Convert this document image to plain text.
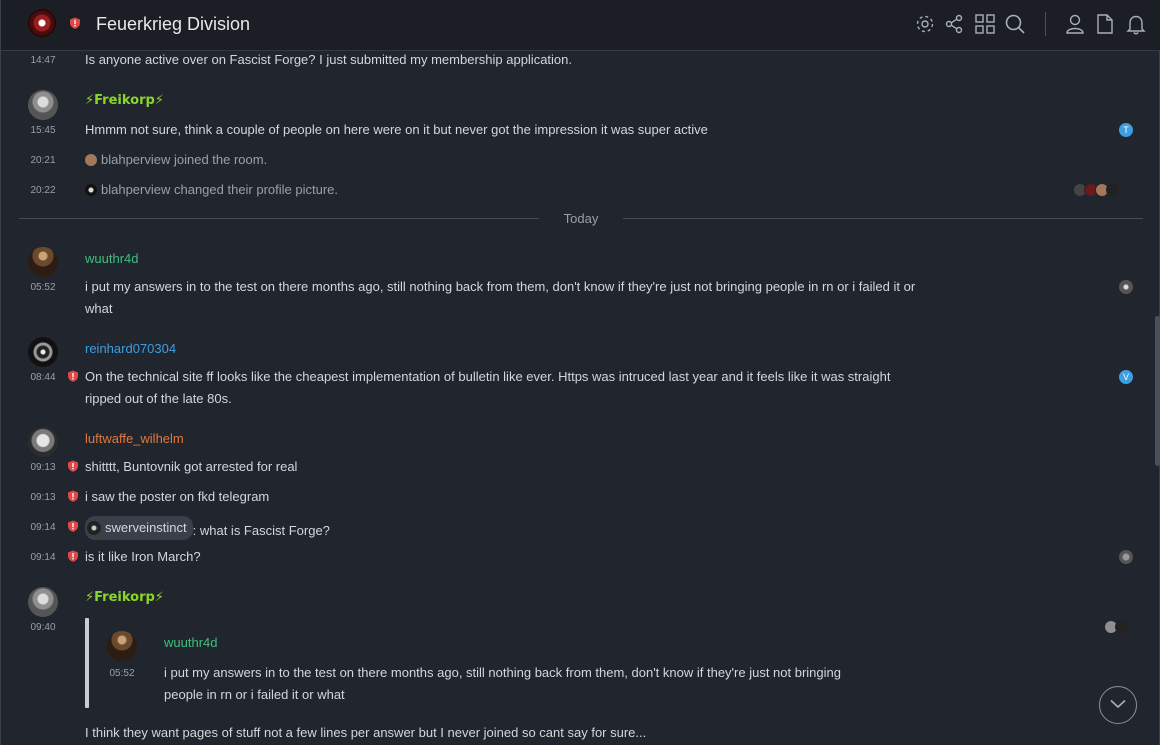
Feuerkrieg Division
14:47	Is anyone active over on Fascist Forge? I just submitted my membership application.
⚡Freikorp⚡
15:45	Hmmm not sure, think a couple of people on here were on it but never got the impression it was super active	T
20:21	blahperview joined the room.
20:22	blahperview changed their profile picture.
Today
wuuthr4d
05:52	i put my answers in to the test on there months ago, still nothing back from them, don't know if they're just not bringing people in rn or i failed it or
what
reinhard070304
08:44	On the technical site ff looks like the cheapest implementation of bulletin like ever. Https was intruced last year and it feels like it was straight
ripped out of the late 80s.
V
luftwaffe_wilhelm
09:13	shitttt, Buntovnik got arrested for real
09:13	i saw the poster on fkd telegram
09:14	swerveinstinct : what is Fascist Forge?
09:14	is it like Iron March?
⚡Freikorp⚡
09:40
wuuthr4d
05:52	i put my answers in to the test on there months ago, still nothing back from them, don't know if they're just not bringing
people in rn or i failed it or what
I think they want pages of stuff not a few lines per answer but I never joined so cant say for sure...
